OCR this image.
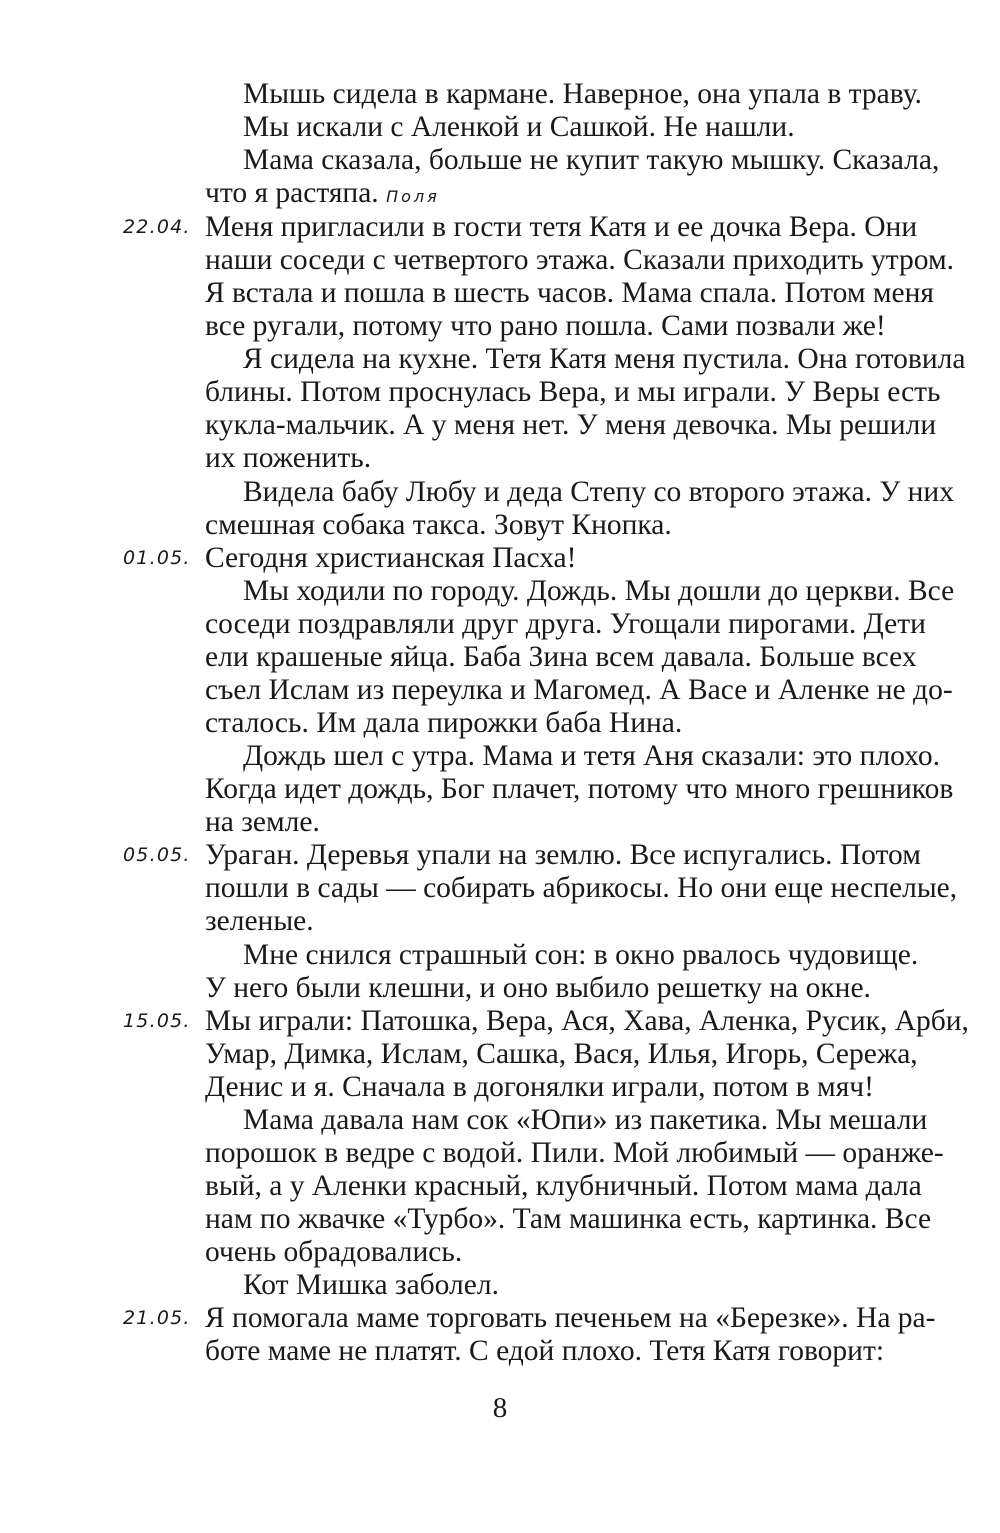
Мышь сидела в кармане. Наверное, она упала в траву.
Мы искали с Аленкой и Сашкой. Не нашли.
Мама сказала, больше не купит такую мышку. Сказала,
что я растяпа. Поля
22.04. Меня пригласили в гости тетя Катя и ее дочка Вера. Они
наши соседи с четвертого этажа. Сказали приходить утром.
Я встала и пошла в шесть часов. Мама спала. Потом меня
все ругали, потому что рано пошла. Сами позвали же!
Я сидела на кухне. Тетя Катя меня пустила. Она готовила
блины. Потом проснулась Вера, и мы играли. У Веры есть
кукла-мальчик. А у меня нет. У меня девочка. Мы решили
их поженить.
Видела бабу Любу и деда Степу со второго этажа. У них
смешная собака такса. Зовут Кнопка.
01.05. Сегодня христианская Пасха!
Мы ходили по городу. Дождь. Мы дошли до церкви. Все
соседи поздравляли друг друга. Угощали пирогами. Дети
ели крашеные яйца. Баба Зина всем давала. Больше всех
съел Ислам из переулка и Магомед. А Васе и Аленке не до-
сталось. Им дала пирожки баба Нина.
Дождь шел с утра. Мама и тетя Аня сказали: это плохо.
Когда идет дождь, Бог плачет, потому что много грешников
на земле.
05.05. Ураган. Деревья упали на землю. Все испугались. Потом
пошли в сады — собирать абрикосы. Но они еще неспелые,
зеленые.
Мне снился страшный сон: в окно рвалось чудовище.
У него были клешни, и оно выбило решетку на окне.
15.05. Мы играли: Патошка, Вера, Ася, Хава, Аленка, Русик, Арби,
Умар, Димка, Ислам, Сашка, Вася, Илья, Игорь, Сережа,
Денис и я. Сначала в догонялки играли, потом в мяч!
Мама давала нам сок «Юпи» из пакетика. Мы мешали
порошок в ведре с водой. Пили. Мой любимый — оранже-
вый, а у Аленки красный, клубничный. Потом мама дала
нам по жвачке «Турбо». Там машинка есть, картинка. Все
очень обрадовались.
Кот Мишка заболел.
21.05. Я помогала маме торговать печеньем на «Березке». На ра-
боте маме не платят. С едой плохо. Тетя Катя говорит:
8
